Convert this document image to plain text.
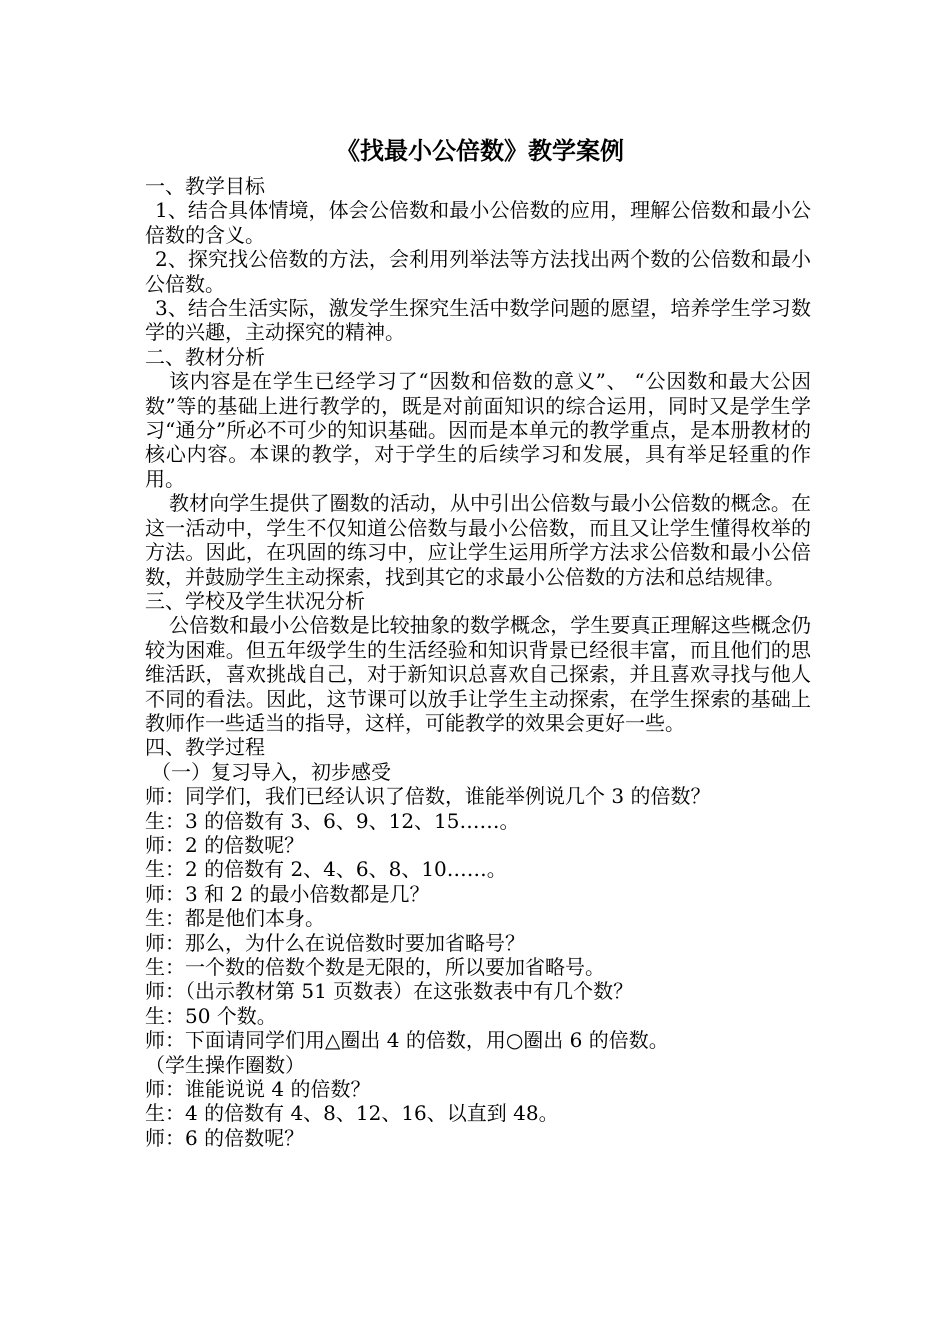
《找最小公倍数》教学案例

一、教学目标

1、结合具体情境，体会公倍数和最小公倍数的应用，理解公倍数和最小公倍数的含义。

2、探究找公倍数的方法，会利用列举法等方法找出两个数的公倍数和最小公倍数。

3、结合生活实际，激发学生探究生活中数学问题的愿望，培养学生学习数学的兴趣，主动探究的精神。

二、教材分析

该内容是在学生已经学习了“因数和倍数的意义”、 “公因数和最大公因数”等的基础上进行教学的，既是对前面知识的综合运用，同时又是学生学习“通分”所必不可少的知识基础。因而是本单元的教学重点，是本册教材的核心内容。本课的教学，对于学生的后续学习和发展，具有举足轻重的作用。

教材向学生提供了圈数的活动，从中引出公倍数与最小公倍数的概念。在这一活动中，学生不仅知道公倍数与最小公倍数，而且又让学生懂得枚举的方法。因此，在巩固的练习中，应让学生运用所学方法求公倍数和最小公倍数，并鼓励学生主动探索，找到其它的求最小公倍数的方法和总结规律。

三、学校及学生状况分析

公倍数和最小公倍数是比较抽象的数学概念，学生要真正理解这些概念仍较为困难。但五年级学生的生活经验和知识背景已经很丰富，而且他们的思维活跃，喜欢挑战自己，对于新知识总喜欢自己探索，并且喜欢寻找与他人不同的看法。因此，这节课可以放手让学生主动探索，在学生探索的基础上教师作一些适当的指导，这样，可能教学的效果会更好一些。

四、教学过程

（一）复习导入，初步感受

师：同学们，我们已经认识了倍数，谁能举例说几个 3 的倍数？

生：3 的倍数有 3、6、9、12、15……。

师：2 的倍数呢？

生：2 的倍数有 2、4、6、8、10……。

师：3 和 2 的最小倍数都是几？

生：都是他们本身。

师：那么，为什么在说倍数时要加省略号？

生：一个数的倍数个数是无限的，所以要加省略号。

师：（出示教材第 51 页数表）在这张数表中有几个数？

生：50 个数。

师：下面请同学们用△圈出 4 的倍数，用○圈出 6 的倍数。

（学生操作圈数）

师：谁能说说 4 的倍数？

生：4 的倍数有 4、8、12、16、以直到 48。

师：6 的倍数呢？
